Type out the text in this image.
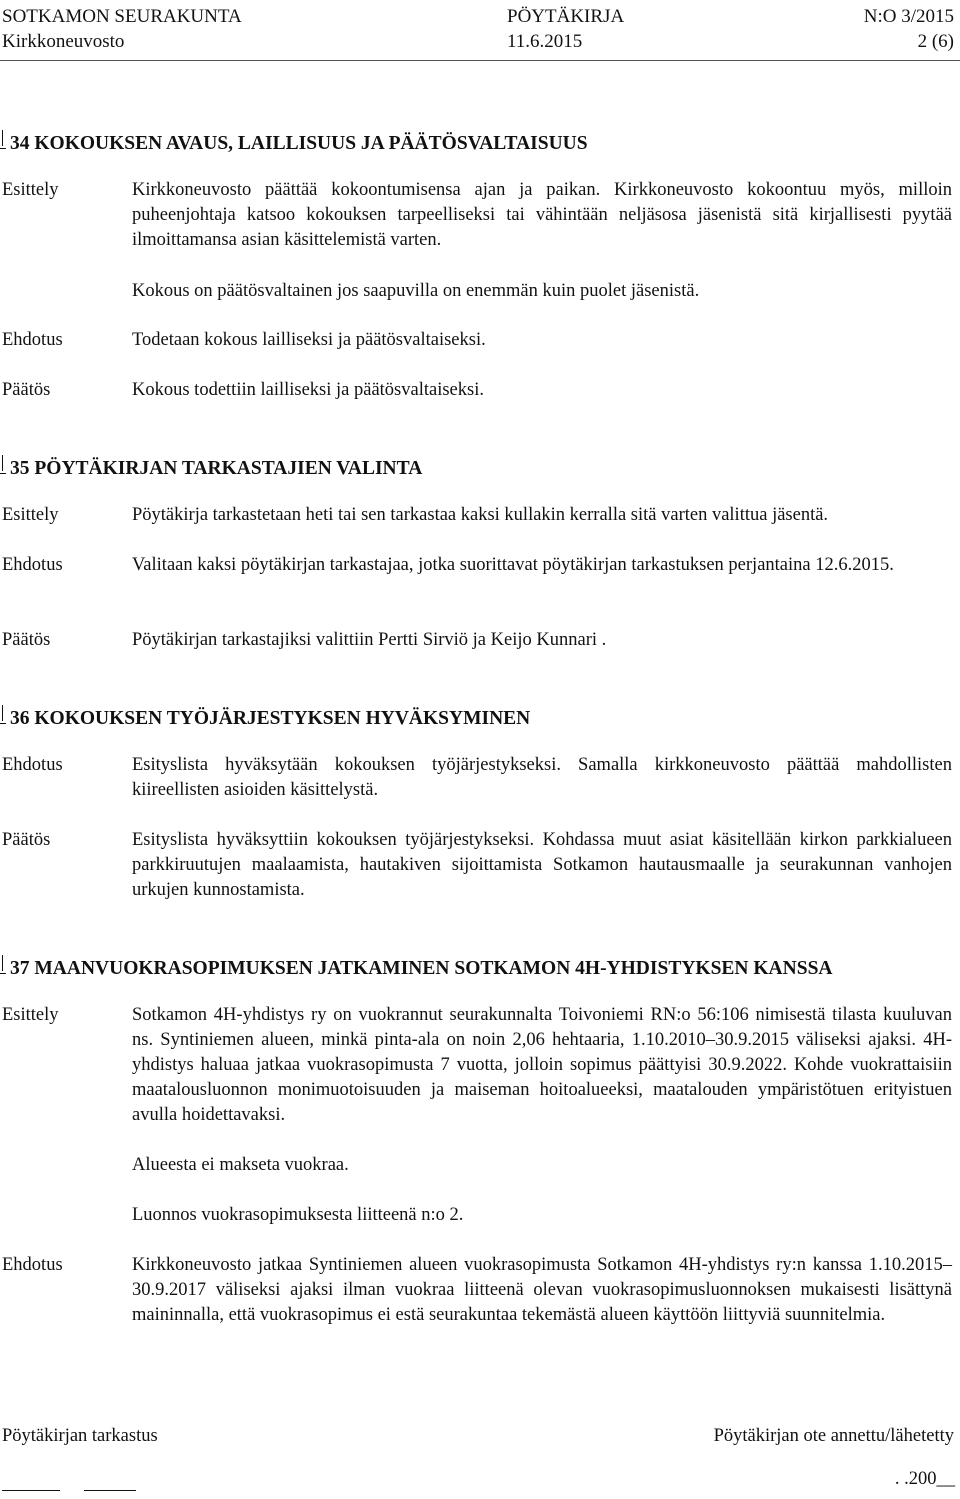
SOTKAMON SEURAKUNTA	PÖYTÄKIRJA	N:O 3/2015
Kirkkoneuvosto	11.6.2015	2 (6)
34 KOKOUKSEN AVAUS, LAILLISUUS JA PÄÄTÖSVALTAISUUS
Esittely	Kirkkoneuvosto päättää kokoontumisensa ajan ja paikan. Kirkkoneuvosto kokoontuu myös, milloin puheenjohtaja katsoo kokouksen tarpeelliseksi tai vähintään neljäsosa jäsenistä sitä kirjallisesti pyytää ilmoittamansa asian käsittelemistä varten.
Kokous on päätösvaltainen jos saapuvilla on enemmän kuin puolet jäsenistä.
Ehdotus	Todetaan kokous lailliseksi ja päätösvaltaiseksi.
Päätös	Kokous todettiin lailliseksi ja päätösvaltaiseksi.
35 PÖYTÄKIRJAN TARKASTAJIEN VALINTA
Esittely	Pöytäkirja tarkastetaan heti tai sen tarkastaa kaksi kullakin kerralla sitä varten valittua jäsentä.
Ehdotus	Valitaan kaksi pöytäkirjan tarkastajaa, jotka suorittavat pöytäkirjan tarkastuksen perjantaina 12.6.2015.
Päätös	Pöytäkirjan tarkastajiksi valittiin Pertti Sirviö ja Keijo Kunnari .
36 KOKOUKSEN TYÖJÄRJESTYKSEN HYVÄKSYMINEN
Ehdotus	Esityslista hyväksytään kokouksen työjärjestykseksi. Samalla kirkkoneuvosto päättää mahdollisten kiireellisten asioiden käsittelystä.
Päätös	Esityslista hyväksyttiin kokouksen työjärjestykseksi. Kohdassa muut asiat käsitellään kirkon parkkialueen parkkiruutujen maalaamista, hautakiven sijoittamista Sotkamon hautausmaalle ja seurakunnan vanhojen urkujen kunnostamista.
37 MAANVUOKRASOPIMUKSEN JATKAMINEN SOTKAMON 4H-YHDISTYKSEN KANSSA
Esittely	Sotkamon 4H-yhdistys ry on vuokrannut seurakunnalta Toivoniemi RN:o 56:106 nimisestä tilasta kuuluvan ns. Syntiniemen alueen, minkä pinta-ala on noin 2,06 hehtaaria, 1.10.2010–30.9.2015 väliseksi ajaksi. 4H-yhdistys haluaa jatkaa vuokrasopimusta 7 vuotta, jolloin sopimus päättyisi 30.9.2022. Kohde vuokrattaisiin maatalousluonnon monimuotoisuuden ja maiseman hoitoalueeksi, maatalouden ympäristötuen erityistuen avulla hoidettavaksi.
Alueesta ei makseta vuokraa.
Luonnos vuokrasopimuksesta liitteenä n:o 2.
Ehdotus	Kirkkoneuvosto jatkaa Syntiniemen alueen vuokrasopimusta Sotkamon 4H-yhdistys ry:n kanssa 1.10.2015–30.9.2017 väliseksi ajaksi ilman vuokraa liitteenä olevan vuokrasopimusluonnoksen mukaisesti lisättynä maininnalla, että vuokrasopimus ei estä seurakuntaa tekemästä alueen käyttöön liittyviä suunnitelmia.
Pöytäkirjan tarkastus	Pöytäkirjan ote annettu/lähetetty
. .200__
